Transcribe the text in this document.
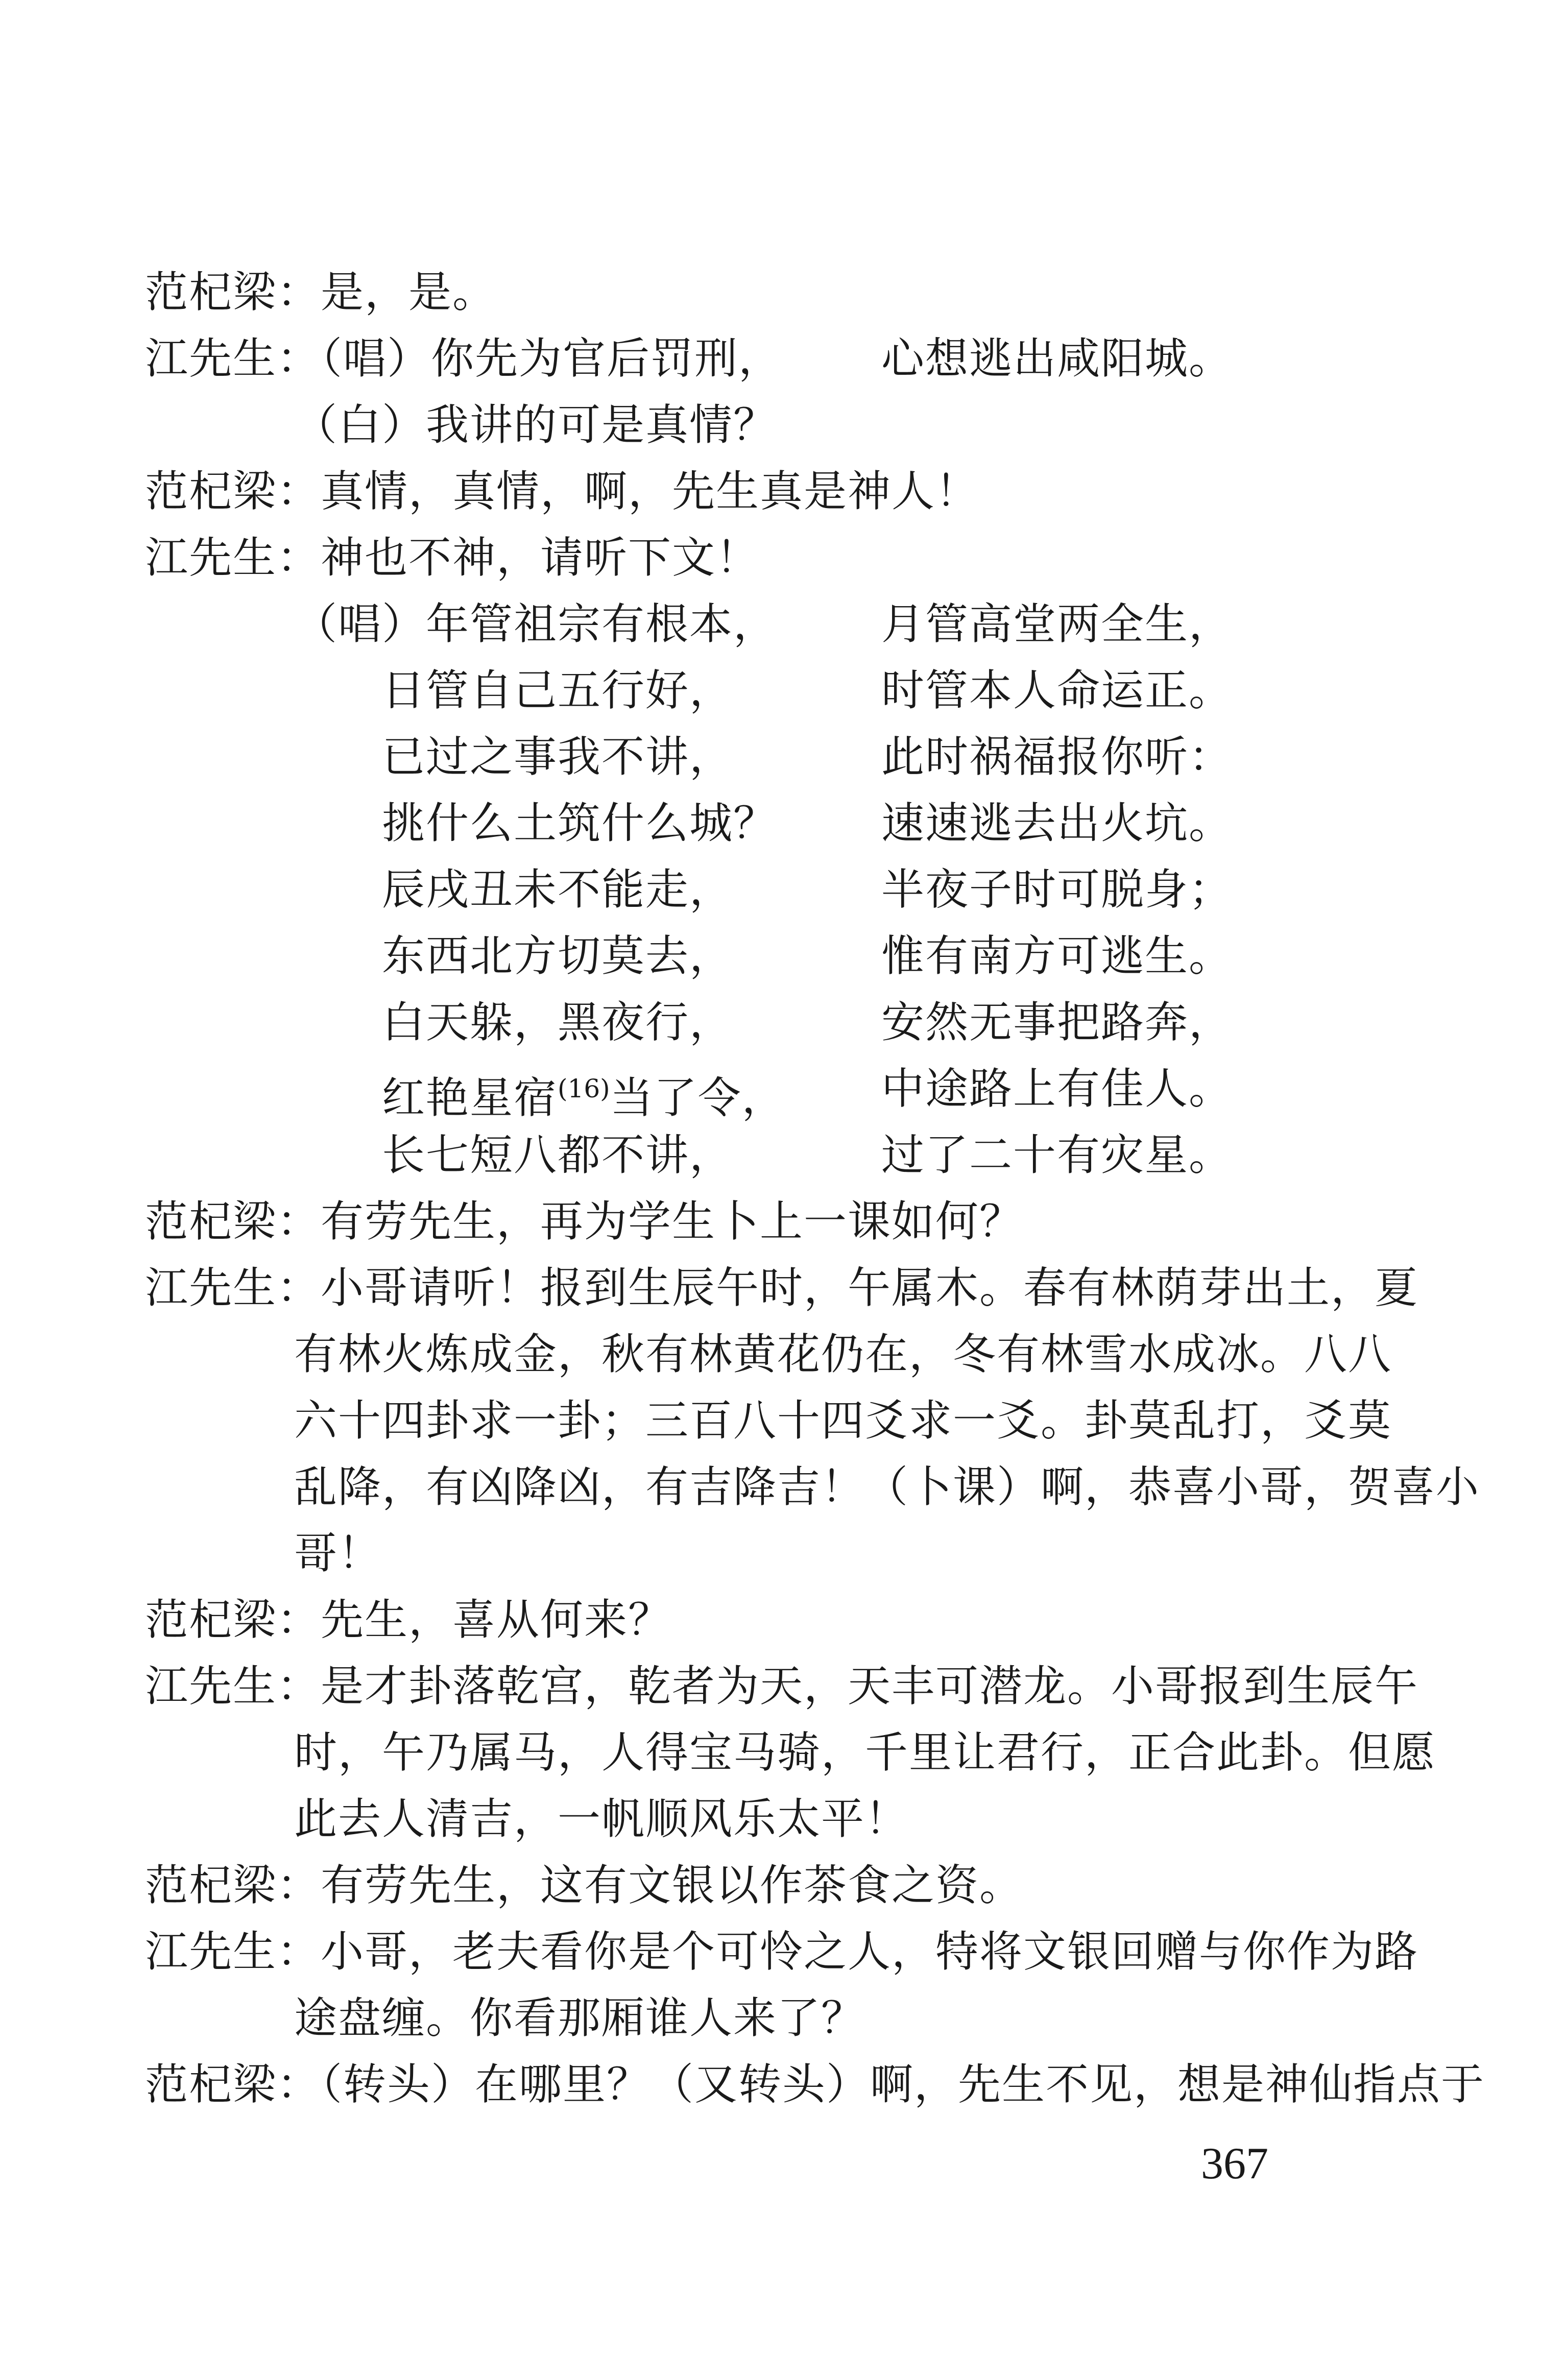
范杞梁：是，是。
江先生：（唱）你先为官后罚刑， 心想逃出咸阳城。
（白）我讲的可是真情？
范杞梁：真情，真情，啊，先生真是神人！
江先生：神也不神，请听下文！
（唱）年管祖宗有根本， 月管高堂两全生，
日管自己五行好，	时管本人命运正。
已过之事我不讲，	此时祸福报你听：
挑什么土筑什么城？ 速速逃去出火坑。
辰戌丑未不能走，	半夜子时可脱身；
东西北方切莫去，	惟有南方可逃生。
白天躲，黑夜行，	安然无事把路奔，
红艳星宿$^{(16)}$当了令， 中途路上有佳人。
长七短八都不讲，	过了二十有灾星。
范杞梁：有劳先生，再为学生卜上一课如何？
江先生：小哥请听！报到生辰午时，午属木。春有林荫芽出土，夏
有林火炼成金，秋有林黄花仍在，冬有林雪水成冰。八八
六十四卦求一卦；三百八十四爻求一爻。卦莫乱打，爻莫
乱降，有凶降凶，有吉降吉！（卜课）啊，恭喜小哥，贺喜小
哥！
范杞梁：先生，喜从何来？
江先生：是才卦落乾宫，乾者为天，天丰可潜龙。小哥报到生辰午
时，午乃属马，人得宝马骑，千里让君行，正合此卦。但愿
此去人清吉，一帆顺风乐太平！
范杞梁：有劳先生，这有文银以作茶食之资。
江先生：小哥，老夫看你是个可怜之人，特将文银回赠与你作为路
途盘缠。你看那厢谁人来了？
范杞梁：（转头）在哪里？（又转头）啊，先生不见，想是神仙指点于
367
